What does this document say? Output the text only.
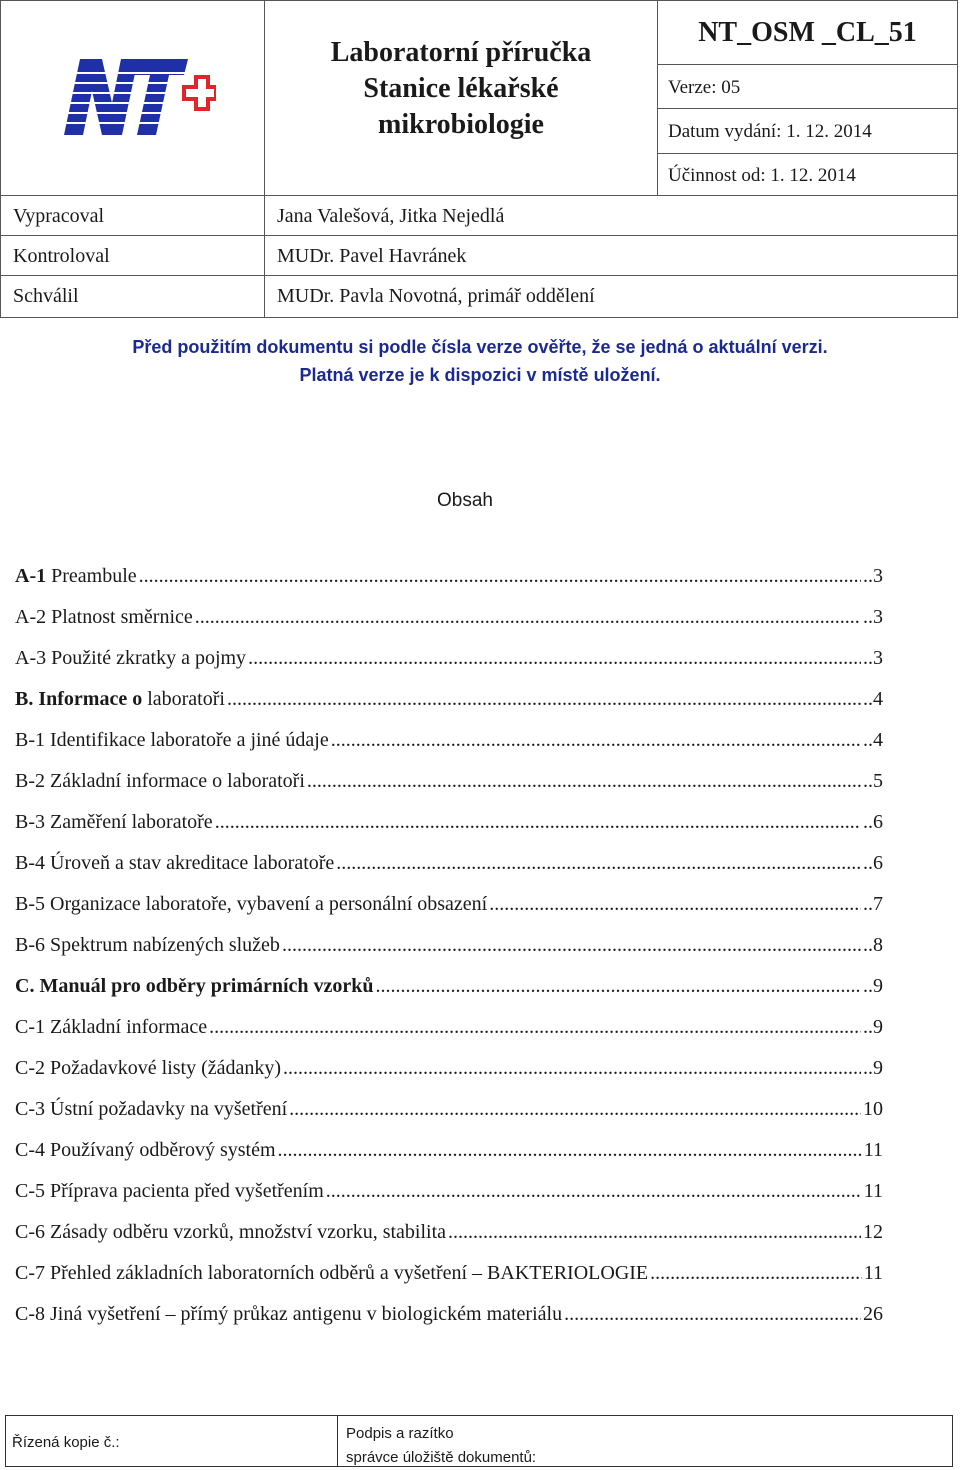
Laboratorní příručka
Stanice lékařské
mikrobiologie
NT_OSM _CL_51
Verze: 05
Datum vydání: 1. 12. 2014
Účinnost od: 1. 12. 2014
Vypracoval	Jana Valešová, Jitka Nejedlá
Kontroloval	MUDr. Pavel Havránek
Schválil	MUDr. Pavla Novotná, primář oddělení
Před použitím dokumentu si podle čísla verze ověřte, že se jedná o aktuální verzi.
Platná verze je k dispozici v místě uložení.
Obsah
A-1 Preambule .....	..3
A-2 Platnost směrnice .....	..3
A-3 Použité zkratky a pojmy .....	..3
B. Informace o laboratoři .....	..4
B-1 Identifikace laboratoře a jiné údaje .....	..4
B-2 Základní informace o laboratoři .....	..5
B-3 Zaměření laboratoře .....	..6
B-4 Úroveň a stav akreditace laboratoře .....	..6
B-5 Organizace laboratoře, vybavení a personální obsazení .....	..7
B-6 Spektrum nabízených služeb .....	..8
C. Manuál pro odběry primárních vzorků .....	..9
C-1 Základní informace .....	..9
C-2 Požadavkové listy (žádanky) .....	..9
C-3 Ústní požadavky na vyšetření .....	10
C-4 Používaný odběrový systém .....	11
C-5 Příprava pacienta před vyšetřením .....	11
C-6 Zásady odběru vzorků, množství vzorku, stabilita .....	12
C-7 Přehled základních laboratorních odběrů a vyšetření – BAKTERIOLOGIE .....	11
C-8 Jiná vyšetření – přímý průkaz antigenu v biologickém materiálu .....	26
Řízená kopie č.:
Podpis a razítko
správce úložiště dokumentů:
